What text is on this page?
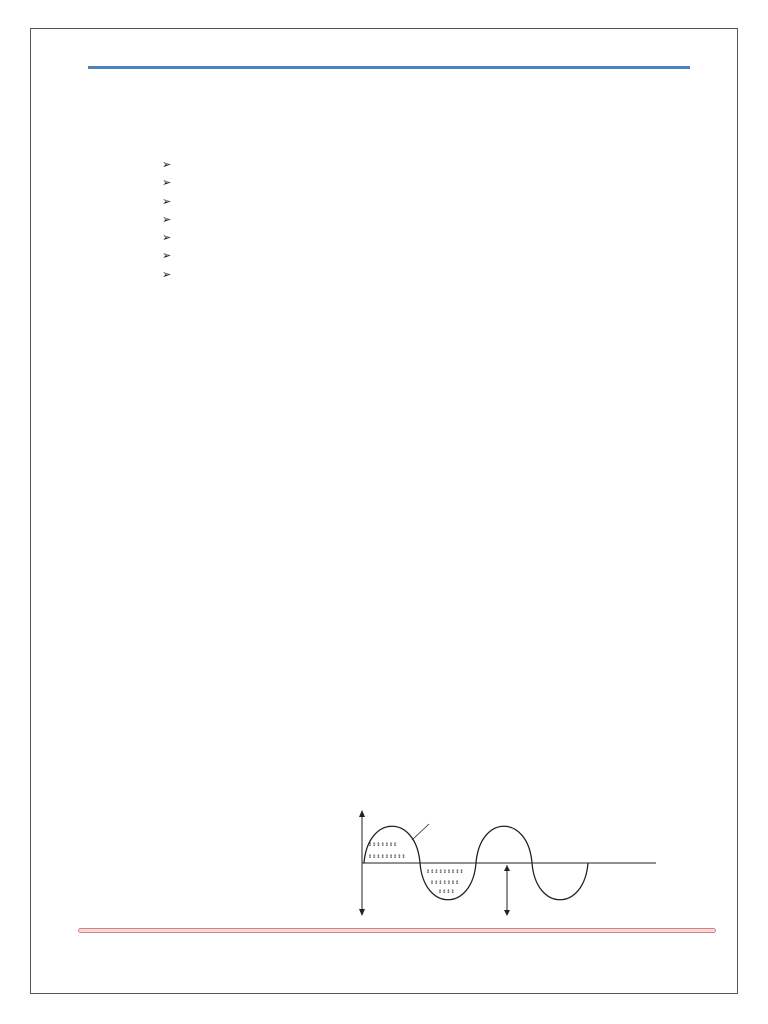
➢
➢
➢
➢
➢
➢
➢
⇕⇕⇕⇕⇕⇕⇕
⇕⇕⇕⇕⇕⇕⇕⇕⇕
⇕⇕⇕⇕⇕⇕⇕⇕⇕
⇕⇕⇕⇕⇕⇕⇕
⇕⇕⇕⇕
